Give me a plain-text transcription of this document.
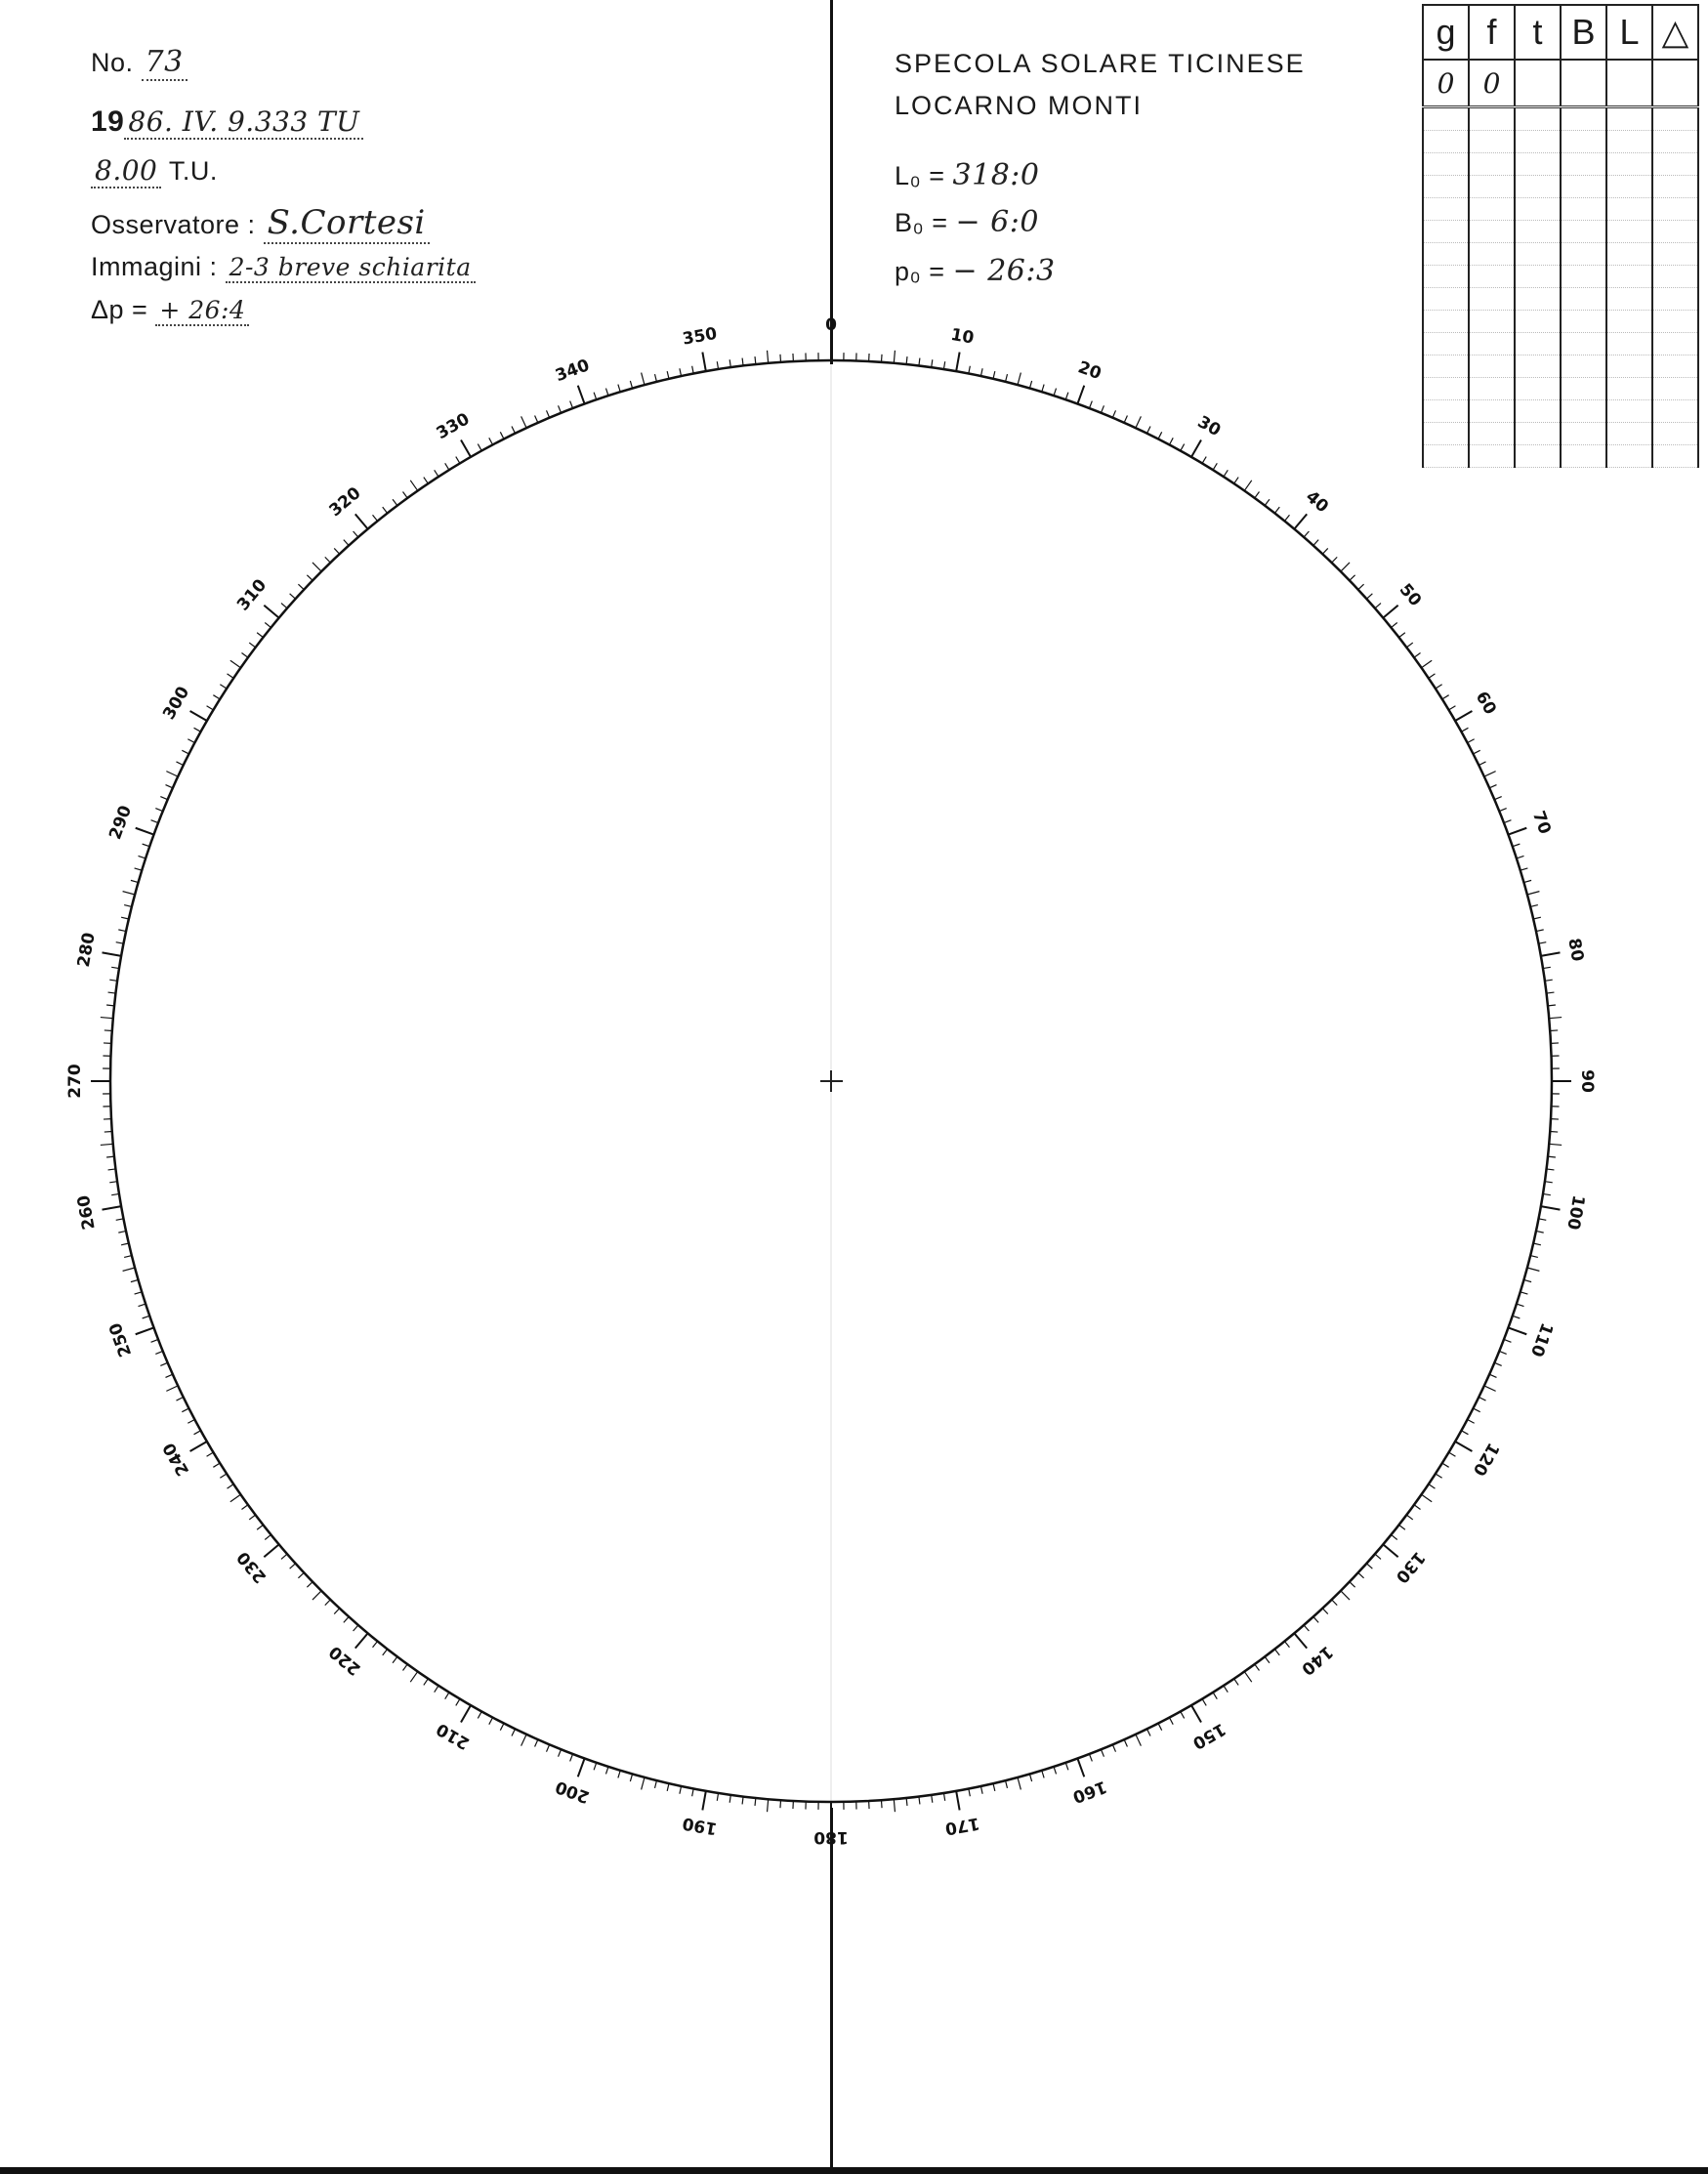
No. 73
19 86. IV. 9.333 TU
8.00 T.U.
Osservatore : S.Cortesi
Immagini : 2-3 breve schiarita
Δp = + 26:4
SPECOLA SOLARE TICINESE
LOCARNO MONTI
L₀ = 318:0
B₀ = − 6:0
p₀ = − 26:3
g	f	t	B	L	△
0	0				

0	10
20
30
40
50
60
70
80
90
100
110
120
130
140
150
160
170
180
190
200
210
220
230
240
250
260
270
280
290
300
310
320
330
340
350
